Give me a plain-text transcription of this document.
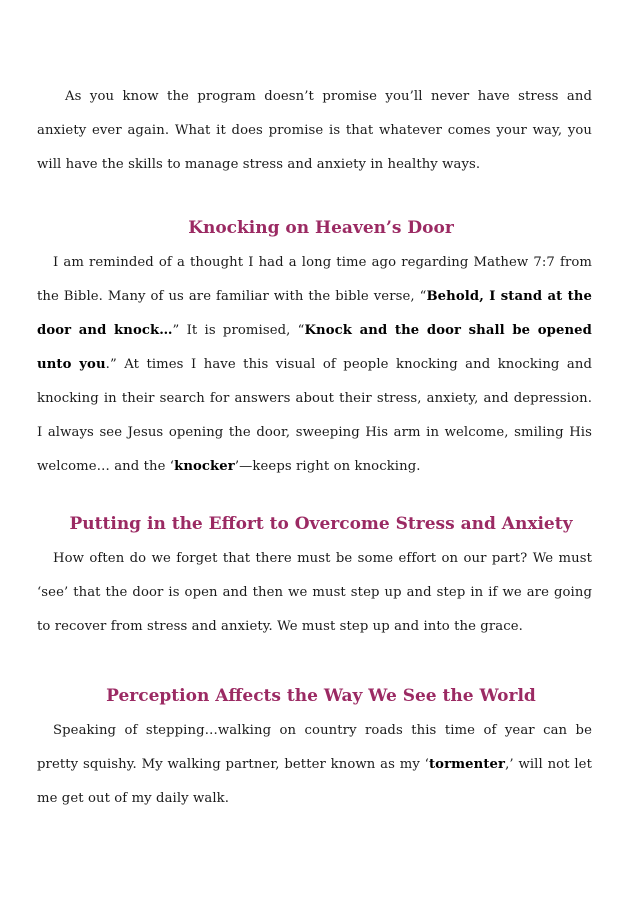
As you know the program doesn’t promise you’ll never have stress and anxiety ever again. What it does promise is that whatever comes your way, you will have the skills to manage stress and anxiety in healthy ways.

Knocking on Heaven’s Door

I am reminded of a thought I had a long time ago regarding Mathew 7:7 from the Bible. Many of us are familiar with the bible verse, “Behold, I stand at the door and knock…” It is promised, “Knock and the door shall be opened unto you.” At times I have this visual of people knocking and knocking and knocking in their search for answers about their stress, anxiety, and depression. I always see Jesus opening the door, sweeping His arm in welcome, smiling His welcome… and the ‘knocker’—keeps right on knocking.

Putting in the Effort to Overcome Stress and Anxiety

How often do we forget that there must be some effort on our part? We must ‘see’ that the door is open and then we must step up and step in if we are going to recover from stress and anxiety. We must step up and into the grace.

Perception Affects the Way We See the World

Speaking of stepping…walking on country roads this time of year can be pretty squishy. My walking partner, better known as my ‘tormenter,’ will not let me get out of my daily walk.
